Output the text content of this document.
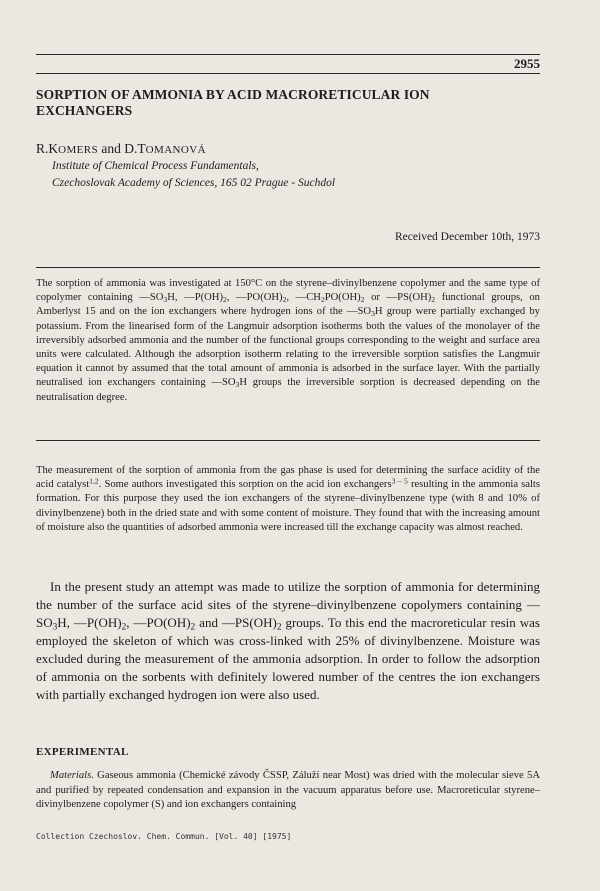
2955
SORPTION OF AMMONIA BY ACID MACRORETICULAR ION
EXCHANGERS
R.KOMERS and D.TOMANOVÁ
Institute of Chemical Process Fundamentals,
Czechoslovak Academy of Sciences, 165 02 Prague - Suchdol
Received December 10th, 1973
The sorption of ammonia was investigated at 150°C on the styrene–divinylbenzene copolymer and the same type of copolymer containing $—SO_3H$, $—P(OH)_2$, $—PO(OH)_2$, $—CH_2PO(OH)_2$ or $—PS(OH)_2$ functional groups, on Amberlyst 15 and on the ion exchangers where hydrogen ions of the $—SO_3H$ group were partially exchanged by potassium. From the linearised form of the Langmuir adsorption isotherms both the values of the monolayer of the irreversibly adsorbed ammonia and the number of the functional groups corresponding to the weight and surface area units were calculated. Although the adsorption isotherm relating to the irreversible sorption satisfies the Langmuir equation it cannot by assumed that the total amount of ammonia is adsorbed in the surface layer. With the partially neutralised ion exchangers containing $—SO_3H$ groups the irreversible sorption is decreased depending on the neutralisation degree.
The measurement of the sorption of ammonia from the gas phase is used for determining the surface acidity of the acid catalyst$^{1,2}$. Some authors investigated this sorption on the acid ion exchangers$^{3 - 5}$ resulting in the ammonia salts formation. For this purpose they used the ion exchangers of the styrene–divinylbenzene type (with 8 and 10% of divinylbenzene) both in the dried state and with some content of moisture. They found that with the increasing amount of moisture also the quantities of adsorbed ammonia were increased till the exchange capacity was almost reached.
In the present study an attempt was made to utilize the sorption of ammonia for determining the number of the surface acid sites of the styrene–divinylbenzene copolymers containing $—SO_3H$, $—P(OH)_2$, $—PO(OH)_2$ and $—PS(OH)_2$ groups. To this end the macroreticular resin was employed the skeleton of which was cross-linked with 25% of divinylbenzene. Moisture was excluded during the measurement of the ammonia adsorption. In order to follow the adsorption of ammonia on the sorbents with definitely lowered number of the centres the ion exchangers with partially exchanged hydrogen ion were also used.
EXPERIMENTAL
Materials. Gaseous ammonia (Chemické závody ČSSP, Záluží near Most) was dried with the molecular sieve 5A and purified by repeated condensation and expansion in the vacuum apparatus before use. Macroreticular styrene–divinylbenzene copolymer (S) and ion exchangers containing
Collection Czechoslov. Chem. Commun. [Vol. 40] [1975]
